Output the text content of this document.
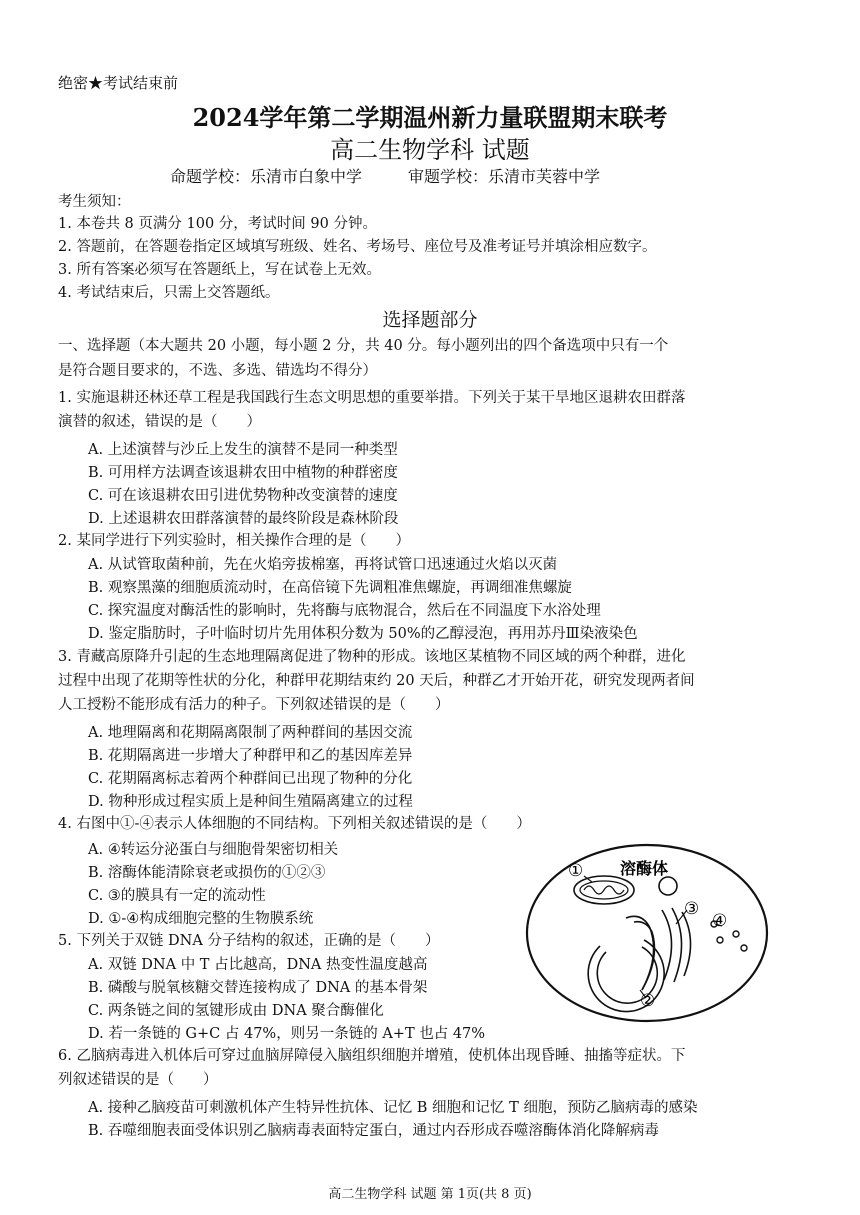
绝密★考试结束前
2024学年第二学期温州新力量联盟期末联考
高二生物学科 试题
命题学校：乐清市白象中学	审题学校：乐清市芙蓉中学
考生须知：
1. 本卷共 8 页满分 100 分，考试时间 90 分钟。
2. 答题前，在答题卷指定区域填写班级、姓名、考场号、座位号及准考证号并填涂相应数字。
3. 所有答案必须写在答题纸上，写在试卷上无效。
4. 考试结束后，只需上交答题纸。
选择题部分
一、选择题（本大题共 20 小题，每小题 2 分，共 40 分。每小题列出的四个备选项中只有一个
是符合题目要求的，不选、多选、错选均不得分）
1. 实施退耕还林还草工程是我国践行生态文明思想的重要举措。下列关于某干旱地区退耕农田群落
演替的叙述，错误的是（　　）
A. 上述演替与沙丘上发生的演替不是同一种类型
B. 可用样方法调查该退耕农田中植物的种群密度
C. 可在该退耕农田引进优势物种改变演替的速度
D. 上述退耕农田群落演替的最终阶段是森林阶段
2. 某同学进行下列实验时，相关操作合理的是（　　）
A. 从试管取菌种前，先在火焰旁拔棉塞，再将试管口迅速通过火焰以灭菌
B. 观察黑藻的细胞质流动时，在高倍镜下先调粗准焦螺旋，再调细准焦螺旋
C. 探究温度对酶活性的影响时，先将酶与底物混合，然后在不同温度下水浴处理
D. 鉴定脂肪时，子叶临时切片先用体积分数为 50%的乙醇浸泡，再用苏丹Ⅲ染液染色
3. 青藏高原降升引起的生态地理隔离促进了物种的形成。该地区某植物不同区域的两个种群，进化
过程中出现了花期等性状的分化，种群甲花期结束约 20 天后，种群乙才开始开花，研究发现两者间
人工授粉不能形成有活力的种子。下列叙述错误的是（　　）
A. 地理隔离和花期隔离限制了两种群间的基因交流
B. 花期隔离进一步增大了种群甲和乙的基因库差异
C. 花期隔离标志着两个种群间已出现了物种的分化
D. 物种形成过程实质上是种间生殖隔离建立的过程
4. 右图中①-④表示人体细胞的不同结构。下列相关叙述错误的是（　　）
A. ④转运分泌蛋白与细胞骨架密切相关
B. 溶酶体能清除衰老或损伤的①②③
C. ③的膜具有一定的流动性
D. ①-④构成细胞完整的生物膜系统
5. 下列关于双链 DNA 分子结构的叙述，正确的是（　　）
A. 双链 DNA 中 T 占比越高，DNA 热变性温度越高
B. 磷酸与脱氧核糖交替连接构成了 DNA 的基本骨架
C. 两条链之间的氢键形成由 DNA 聚合酶催化
D. 若一条链的 G+C 占 47%，则另一条链的 A+T 也占 47%
6. 乙脑病毒进入机体后可穿过血脑屏障侵入脑组织细胞并增殖，使机体出现昏睡、抽搐等症状。下
列叙述错误的是（　　）
A. 接种乙脑疫苗可刺激机体产生特异性抗体、记忆 B 细胞和记忆 T 细胞，预防乙脑病毒的感染
B. 吞噬细胞表面受体识别乙脑病毒表面特定蛋白，通过内吞形成吞噬溶酶体消化降解病毒
① 溶酶体
③
④
②
高二生物学科 试题 第 1页(共 8 页)
